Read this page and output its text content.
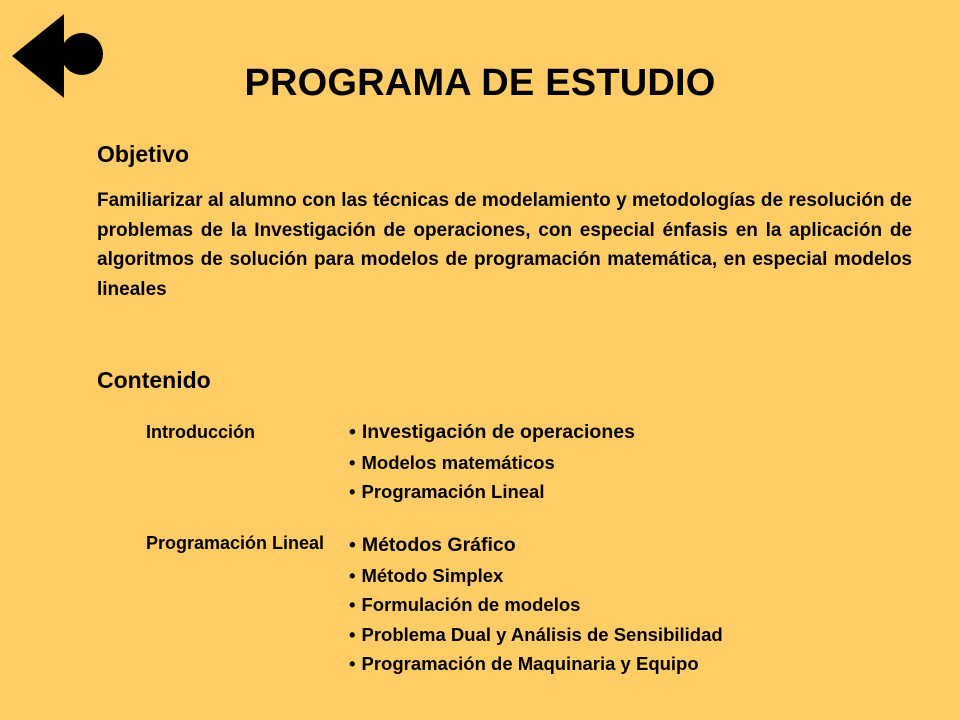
PROGRAMA DE ESTUDIO
Objetivo

Familiarizar al alumno con las técnicas de modelamiento y metodologías de resolución de problemas de la Investigación de operaciones, con especial énfasis en la aplicación de algoritmos de solución para modelos de programación matemática, en especial modelos lineales

Contenido
Introducción	• Investigación de operaciones
• Modelos matemáticos
• Programación Lineal
Programación Lineal	• Métodos Gráfico
• Método Simplex
• Formulación de modelos
• Problema Dual y Análisis de Sensibilidad
• Programación de Maquinaria y Equipo
